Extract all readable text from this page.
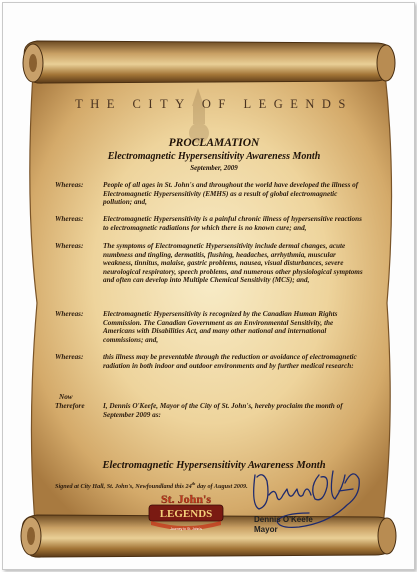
THE CITY OF LEGENDS
PROCLAMATION
Electromagnetic Hypersensitivity Awareness Month
September, 2009
Whereas:	People of all ages in St. John's and throughout the world have developed the illness of Electromagnetic Hypersensitivity (EMHS) as a result of global electromagnetic pollution; and,
Whereas:	Electromagnetic Hypersensitivity is a painful chronic illness of hypersensitive reactions to electromagnetic radiations for which there is no known cure; and,
Whereas:	The symptoms of Electromagnetic Hypersensitivity include dermal changes, acute numbness and tingling, dermatitis, flushing, headaches, arrhythmia, muscular weakness, tinnitus, malaise, gastric problems, nausea, visual disturbances, severe neurological respiratory, speech problems, and numerous other physiological symptoms and often can develop into Multiple Chemical Sensitivity (MCS); and,
Whereas:	Electromagnetic Hypersensitivity is recognized by the Canadian Human Rights Commission. The Canadian Government as an Environmental Sensitivity, the Americans with Disabilities Act, and many other national and international commissions; and,
Whereas:	this illness may be preventable through the reduction or avoidance of electromagnetic radiation in both indoor and outdoor environments and by further medical research:
Now
Therefore	I, Dennis O'Keefe, Mayor of the City of St. John's, hereby proclaim the month of September 2009 as:
Electromagnetic Hypersensitivity Awareness Month
Signed at City Hall, St. John's, Newfoundland this 24th day of August 2009.
St. John's
LEGENDS
Journey to St. John's
Dennis O'Keefe
Mayor
